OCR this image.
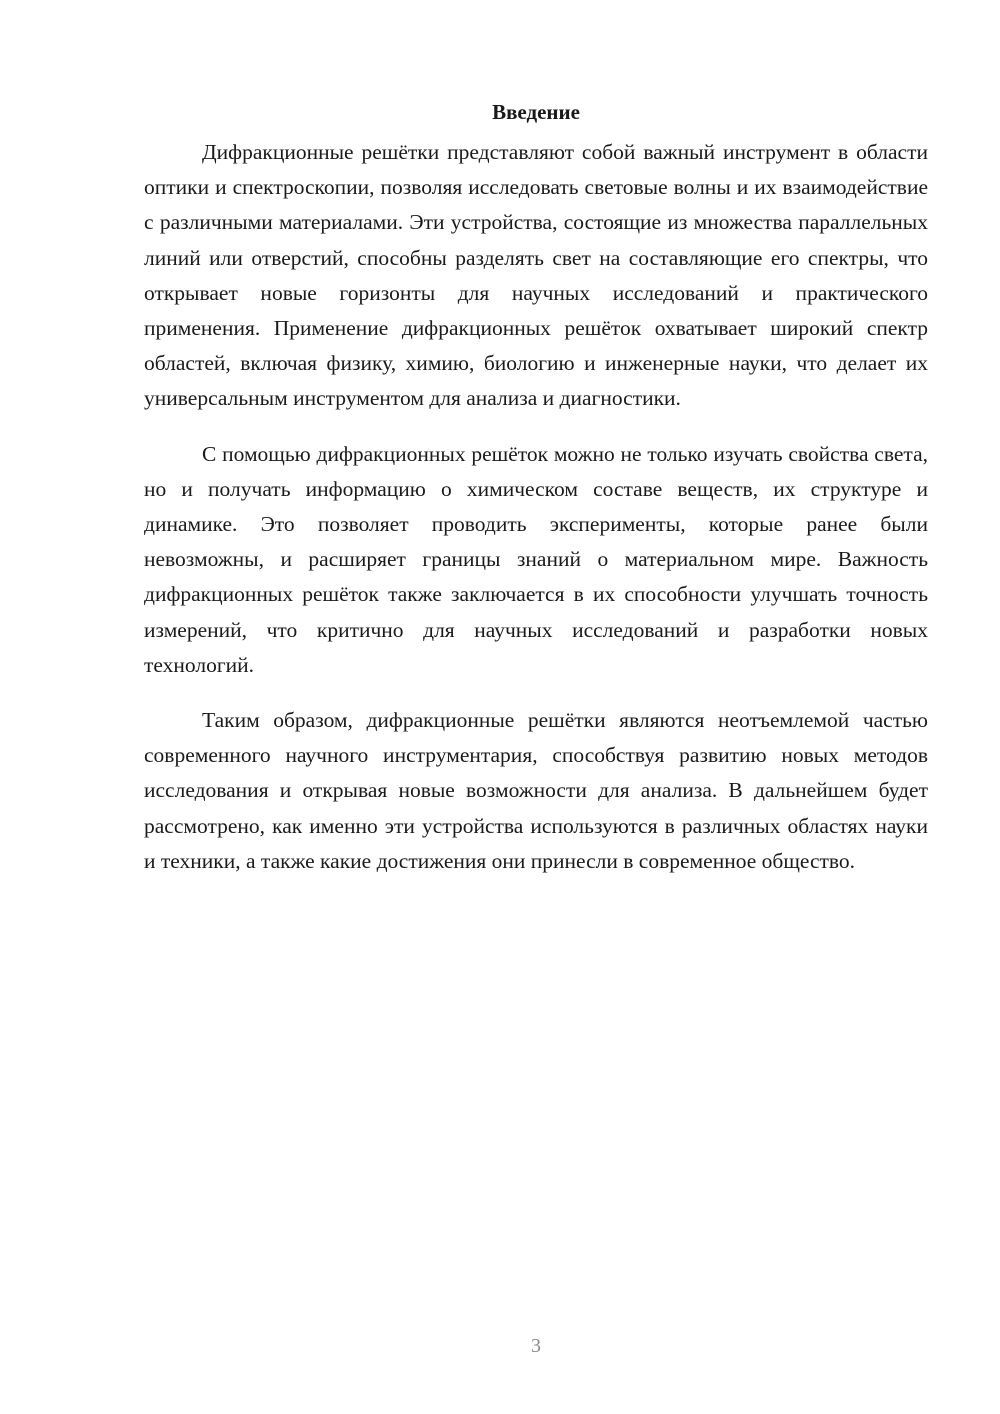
Введение

Дифракционные решётки представляют собой важный инструмент в области оптики и спектроскопии, позволяя исследовать световые волны и их взаимодействие с различными материалами. Эти устройства, состоящие из множества параллельных линий или отверстий, способны разделять свет на составляющие его спектры, что открывает новые горизонты для научных исследований и практического применения. Применение дифракционных решёток охватывает широкий спектр областей, включая физику, химию, биологию и инженерные науки, что делает их универсальным инструментом для анализа и диагностики.

С помощью дифракционных решёток можно не только изучать свойства света, но и получать информацию о химическом составе веществ, их структуре и динамике. Это позволяет проводить эксперименты, которые ранее были невозможны, и расширяет границы знаний о материальном мире. Важность дифракционных решёток также заключается в их способности улучшать точность измерений, что критично для научных исследований и разработки новых технологий.

Таким образом, дифракционные решётки являются неотъемлемой частью современного научного инструментария, способствуя развитию новых методов исследования и открывая новые возможности для анализа. В дальнейшем будет рассмотрено, как именно эти устройства используются в различных областях науки и техники, а также какие достижения они принесли в современное общество.

3
